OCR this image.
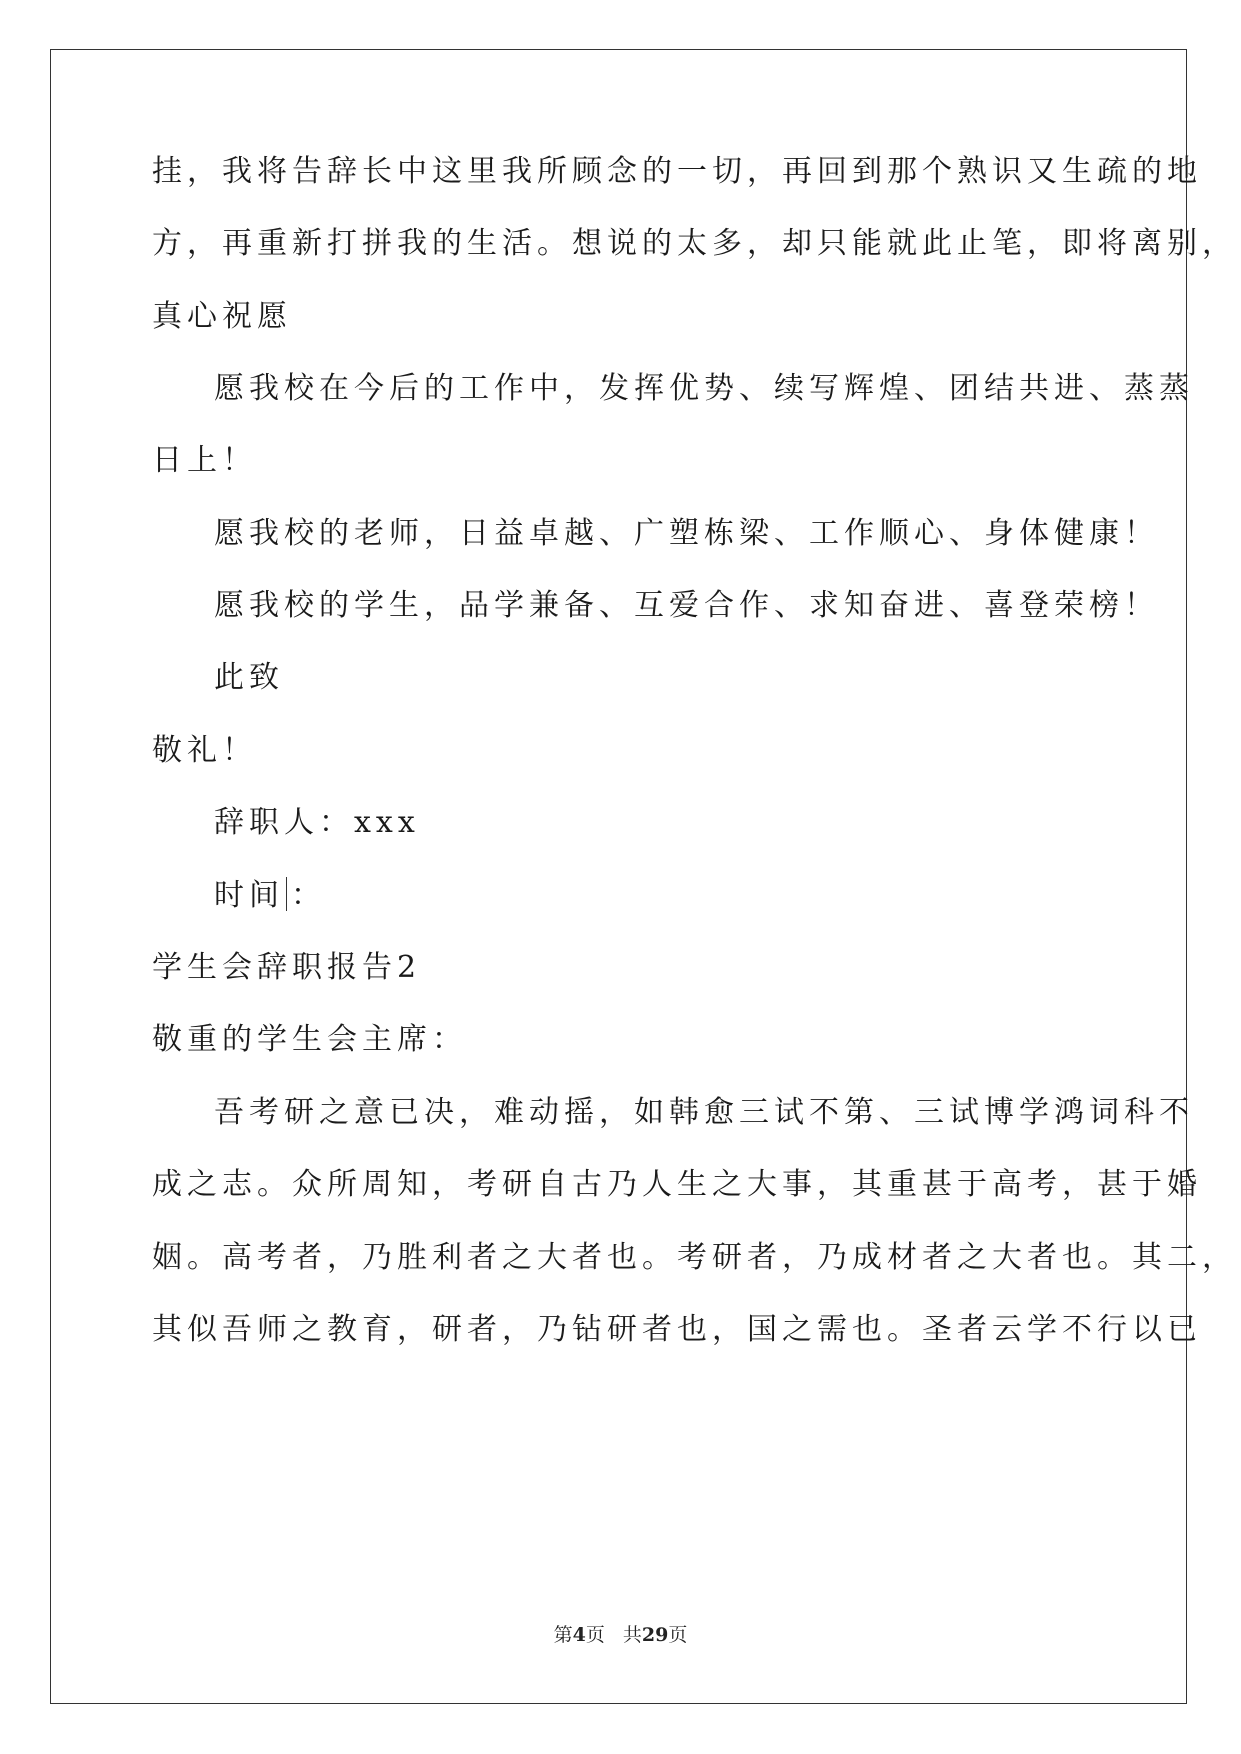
挂，我将告辞长中这里我所顾念的一切，再回到那个熟识又生疏的地
方，再重新打拼我的生活。想说的太多，却只能就此止笔，即将离别，
真心祝愿
愿我校在今后的工作中，发挥优势、续写辉煌、团结共进、蒸蒸
日上！
愿我校的老师，日益卓越、广塑栋梁、工作顺心、身体健康！
愿我校的学生，品学兼备、互爱合作、求知奋进、喜登荣榜！
此致
敬礼！
辞职人：xxx
时间 ：
学生会辞职报告2
敬重的学生会主席：
吾考研之意已决，难动摇，如韩愈三试不第、三试博学鸿词科不
成之志。众所周知，考研自古乃人生之大事，其重甚于高考，甚于婚
姻。高考者，乃胜利者之大者也。考研者，乃成材者之大者也。其二，
其似吾师之教育，研者，乃钻研者也，国之需也。圣者云学不行以已
第4页 共29页
